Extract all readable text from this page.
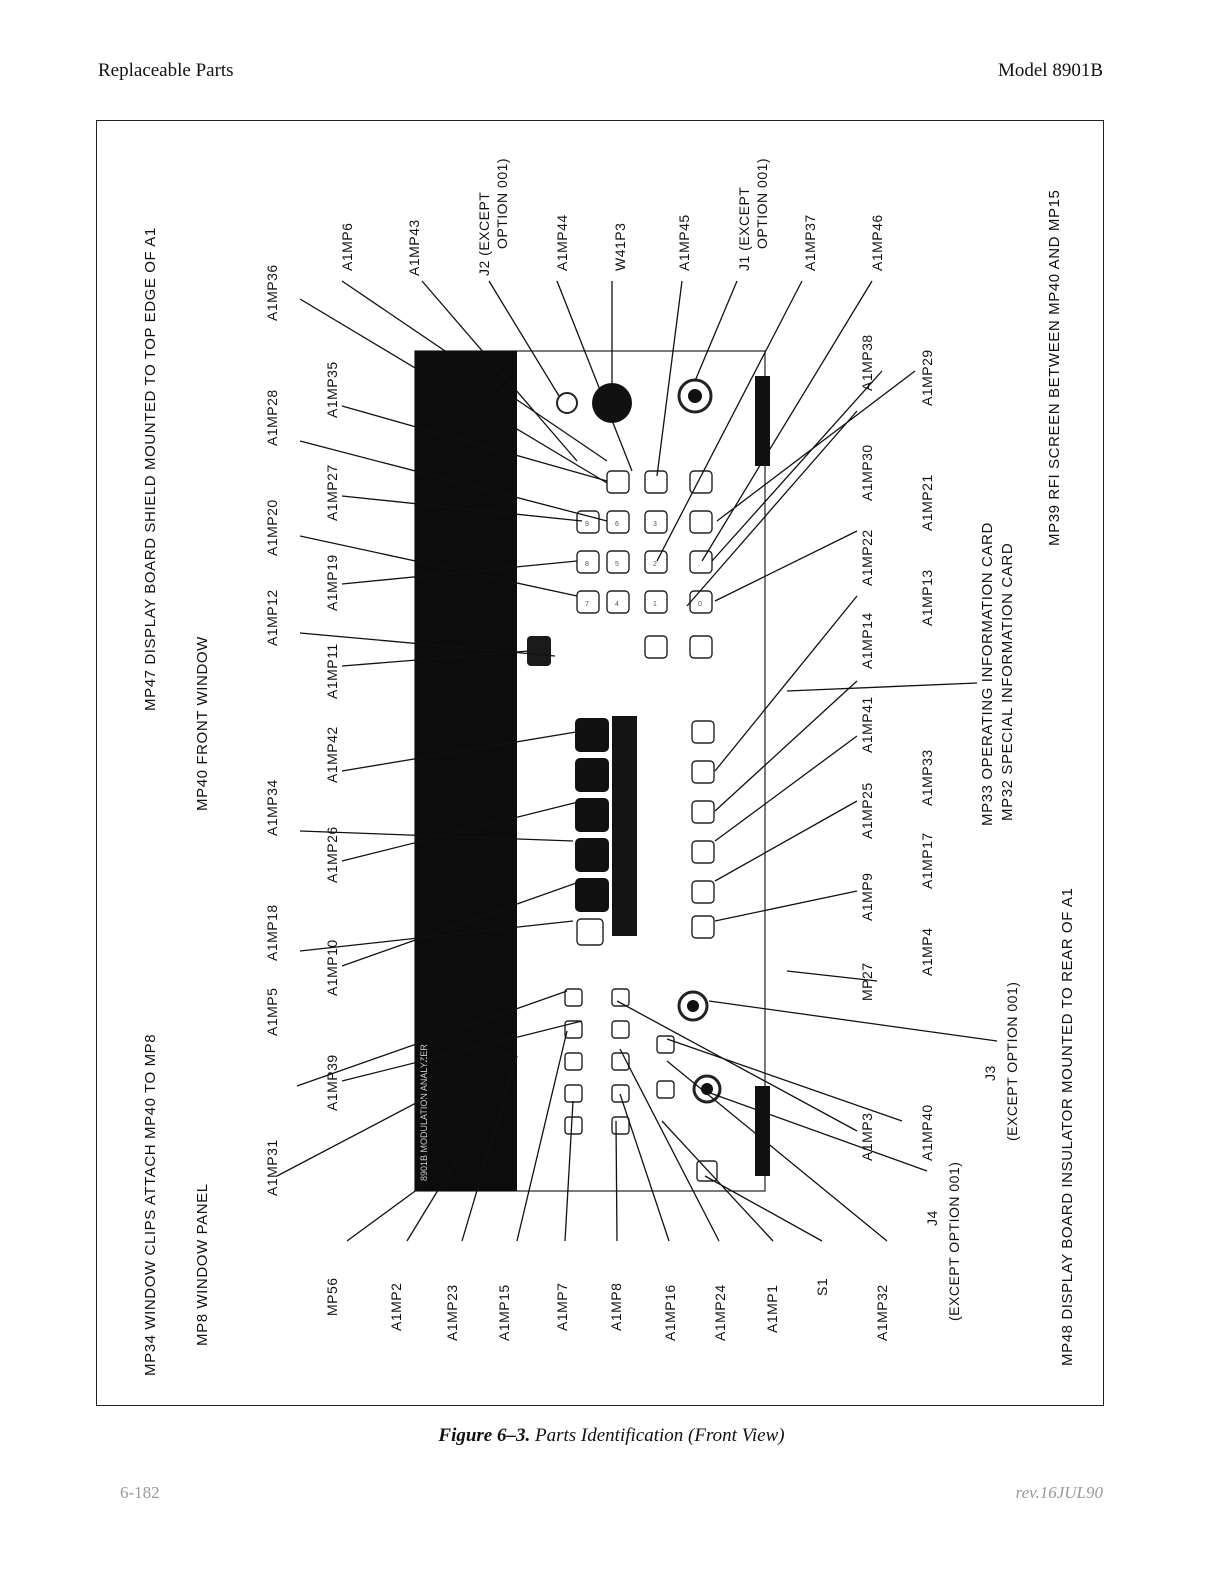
Replaceable Parts	Model 8901B
MP34 WINDOW CLIPS ATTACH MP40 TO MP8 MP8 WINDOW PANEL
MP47 DISPLAY BOARD SHIELD MOUNTED TO TOP EDGE OF A1
MP40 FRONT WINDOW
MP48 DISPLAY BOARD INSULATOR MOUNTED TO REAR OF A1
MP39 RFI SCREEN BETWEEN MP40 AND MP15
MP33 OPERATING INFORMATION CARD MP32 SPECIAL INFORMATION CARD
7
8
9
4
5
6
1
2
3
0
.
8901B MODULATION ANALYZER
A1MP31
A1MP5
A1MP18
A1MP34
A1MP12
A1MP20
A1MP28
A1MP36
A1MP39
A1MP10
A1MP26
A1MP42
A1MP11
A1MP19
A1MP27
A1MP35
A1MP6	A1MP43	J2 (EXCEPT OPTION 001)	A1MP44	W41P3	A1MP45	J1 (EXCEPT OPTION 001) A1MP37	A1MP46
MP56	A1MP2	A1MP23	A1MP15	A1MP7	A1MP8	A1MP16 A1MP24	A1MP1 S1	A1MP32
A1MP3
MP27
A1MP9
A1MP25
A1MP41
A1MP14
A1MP22
A1MP30
A1MP38
A1MP40
A1MP4
A1MP17
A1MP33
A1MP13
A1MP21
A1MP29
J4 (EXCEPT OPTION 001)
J3 (EXCEPT OPTION 001)
Figure 6–3. Parts Identification (Front View)
6-182	rev.16JUL90
